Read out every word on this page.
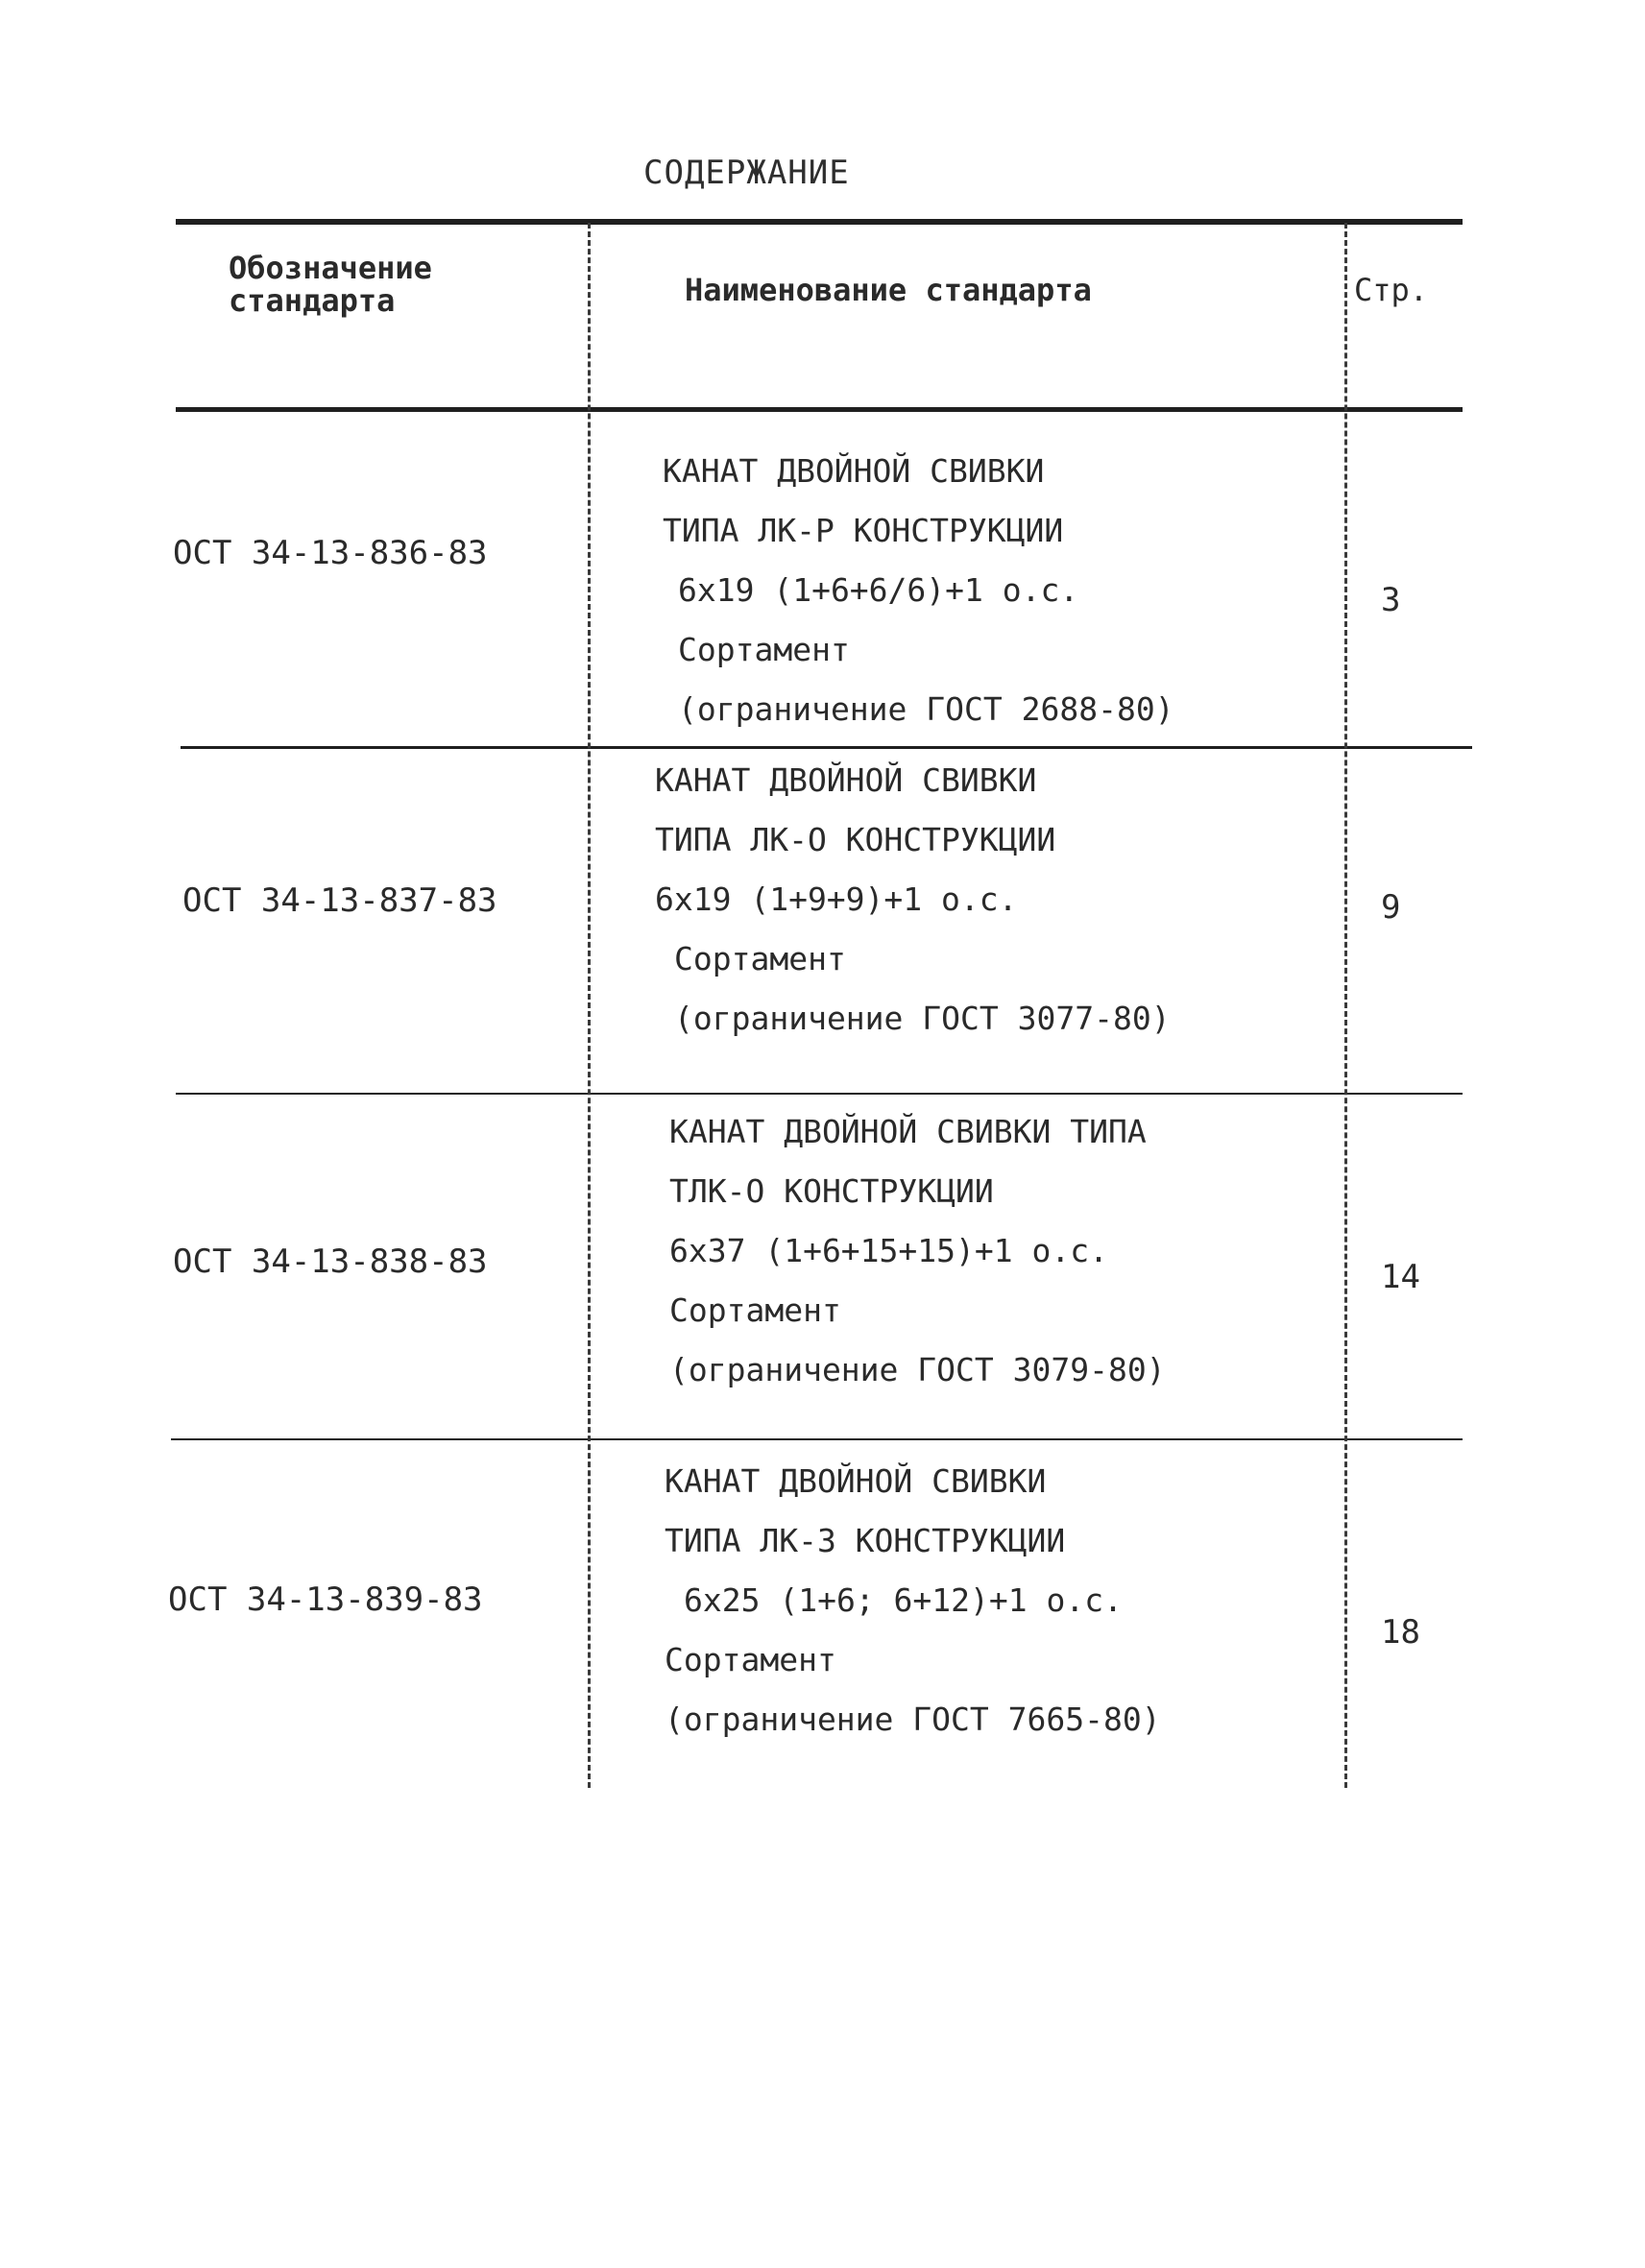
СОДЕРЖАНИЕ
Обозначение стандарта	Наименование стандарта	Стр.
ОСТ 34-13-836-83
КАНАТ ДВОЙНОЙ СВИВКИ
ТИПА ЛК-Р КОНСТРУКЦИИ
6х19 (1+6+6/6)+1 о.с.
Сортамент
(ограничение ГОСТ 2688-80)
3
ОСТ 34-13-837-83
КАНАТ ДВОЙНОЙ СВИВКИ
ТИПА ЛК-О КОНСТРУКЦИИ
6х19 (1+9+9)+1 о.с.
Сортамент
(ограничение ГОСТ 3077-80)
9
ОСТ 34-13-838-83
КАНАТ ДВОЙНОЙ СВИВКИ ТИПА
ТЛК-О КОНСТРУКЦИИ
6х37 (1+6+15+15)+1 о.с.
Сортамент
(ограничение ГОСТ 3079-80)
14
ОСТ 34-13-839-83
КАНАТ ДВОЙНОЙ СВИВКИ
ТИПА ЛК-З КОНСТРУКЦИИ
6х25 (1+6; 6+12)+1 о.с.
Сортамент
(ограничение ГОСТ 7665-80)
18
